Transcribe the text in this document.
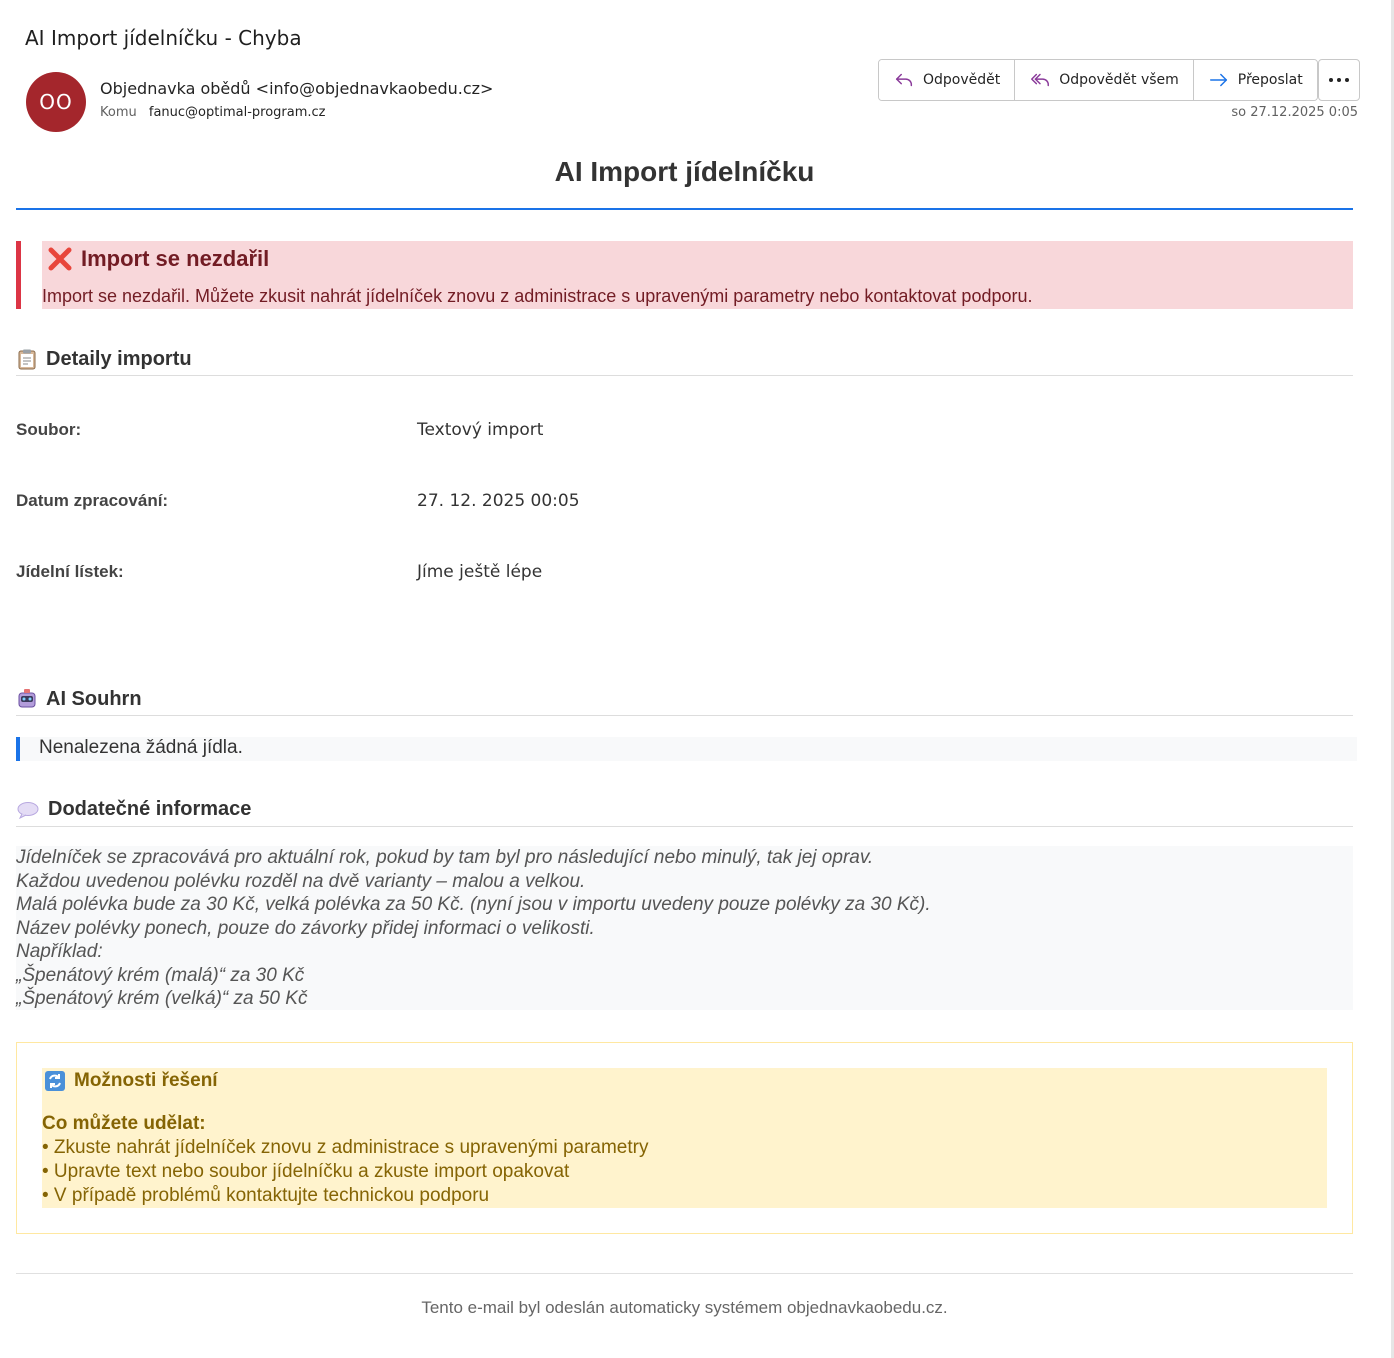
AI Import jídelníčku - Chyba
OO
Objednavka obědů <info@objednavkaobedu.cz>
Komu fanuc@optimal-program.cz
Odpovědět	Odpovědět všem	Přeposlat
so 27.12.2025 0:05
AI Import jídelníčku
Import se nezdařil
Import se nezdařil. Můžete zkusit nahrát jídelníček znovu z administrace s upravenými parametry nebo kontaktovat podporu.
Detaily importu
Soubor:	Textový import
Datum zpracování:	27. 12. 2025 00:05
Jídelní lístek:	Jíme ještě lépe
AI Souhrn
Nenalezena žádná jídla.
Dodatečné informace
Jídelníček se zpracovává pro aktuální rok, pokud by tam byl pro následující nebo minulý, tak jej oprav.
Každou uvedenou polévku rozděl na dvě varianty – malou a velkou.
Malá polévka bude za 30 Kč, velká polévka za 50 Kč. (nyní jsou v importu uvedeny pouze polévky za 30 Kč).
Název polévky ponech, pouze do závorky přidej informaci o velikosti.
Například:
„Špenátový krém (malá)“ za 30 Kč
„Špenátový krém (velká)“ za 50 Kč
Možnosti řešení
Co můžete udělat:
• Zkuste nahrát jídelníček znovu z administrace s upravenými parametry
• Upravte text nebo soubor jídelníčku a zkuste import opakovat
• V případě problémů kontaktujte technickou podporu
Tento e-mail byl odeslán automaticky systémem objednavkaobedu.cz.
